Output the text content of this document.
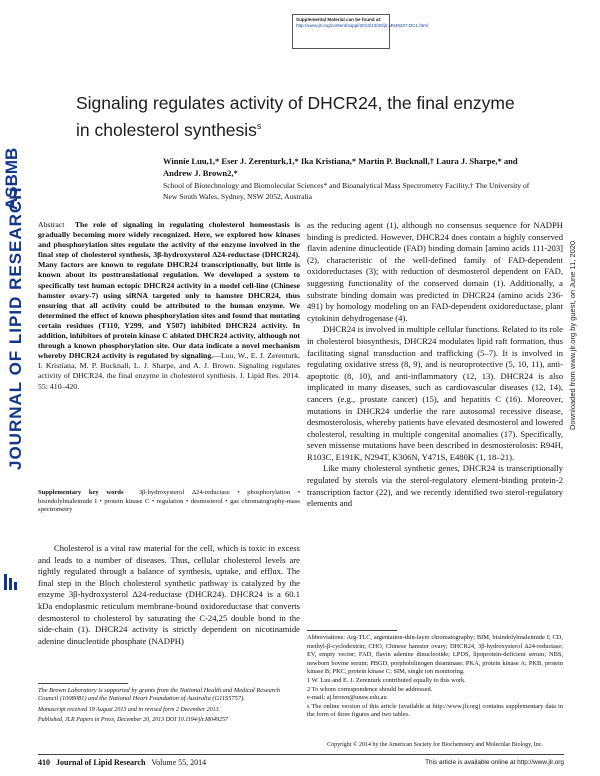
Supplemental Material can be found at:
http://www.jlr.org/content/suppl/2013/12/20/jlr.M049257.DC1.html
ASBMB
JOURNAL OF LIPID RESEARCH	Downloaded from www.jlr.org by guest, on June 11, 2020
Signaling regulates activity of DHCR24, the final enzyme in cholesterol synthesis$^s$
Winnie Luu,1,* Eser J. Zerenturk,1,* Ika Kristiana,* Martin P. Bucknall,† Laura J. Sharpe,* and Andrew J. Brown2,*
School of Biotechnology and Biomolecular Sciences* and Bioanalytical Mass Spectrometry Facility,† The University of New South Wales, Sydney, NSW 2052, Australia
Abstract The role of signaling in regulating cholesterol homeostasis is gradually becoming more widely recognized. Here, we explored how kinases and phosphorylation sites regulate the activity of the enzyme involved in the final step of cholesterol synthesis, 3β-hydroxysterol Δ24-reductase (DHCR24). Many factors are known to regulate DHCR24 transcriptionally, but little is known about its posttranslational regulation. We developed a system to specifically test human ectopic DHCR24 activity in a model cell-line (Chinese hamster ovary-7) using siRNA targeted only to hamster DHCR24, thus ensuring that all activity could be attributed to the human enzyme. We determined the effect of known phosphorylation sites and found that mutating certain residues (T110, Y299, and Y507) inhibited DHCR24 activity. In addition, inhibitors of protein kinase C ablated DHCR24 activity, although not through a known phosphorylation site. Our data indicate a novel mechanism whereby DHCR24 activity is regulated by signaling.—Luu, W., E. J. Zerenturk, I. Kristiana, M. P. Bucknall, L. J. Sharpe, and A. J. Brown. Signaling regulates activity of DHCR24, the final enzyme in cholesterol synthesis. J. Lipid Res. 2014. 55: 410–420.
Supplementary key words 3β-hydroxysterol Δ24-reductase • phosphorylation • bisindolylmaleimide I • protein kinase C • regulation • desmosterol • gas chromatography-mass spectrometry

Cholesterol is a vital raw material for the cell, which is toxic in excess and leads to a number of diseases. Thus, cellular cholesterol levels are tightly regulated through a balance of synthesis, uptake, and efflux. The final step in the Bloch cholesterol synthetic pathway is catalyzed by the enzyme 3β-hydroxysterol Δ24-reductase (DHCR24). DHCR24 is a 60.1 kDa endoplasmic reticulum membrane-bound oxidoreductase that converts desmosterol to cholesterol by saturating the C-24,25 double bond in the side-chain (1). DHCR24 activity is strictly dependent on nicotinamide adenine dinucleotide phosphate (NADPH)

The Brown Laboratory is supported by grants from the National Health and Medical Research Council (1008081) and the National Heart Foundation of Australia (G11S5757).

Manuscript received 19 August 2013 and in revised form 2 December 2013.

Published, JLR Papers in Press, December 20, 2013 DOI 10.1194/jlr.M049257

as the reducing agent (1), although no consensus sequence for NADPH binding is predicted. However, DHCR24 does contain a highly conserved flavin adenine dinucleotide (FAD) binding domain [amino acids 111-203] (2), characteristic of the well-defined family of FAD-dependent oxidoreductases (3); with reduction of desmosterol dependent on FAD, suggesting functionality of the conserved domain (1). Additionally, a substrate binding domain was predicted in DHCR24 (amino acids 236-491) by homology modeling on an FAD-dependent oxidoreductase, plant cytokinin dehydrogenase (4).

DHCR24 is involved in multiple cellular functions. Related to its role in cholesterol biosynthesis, DHCR24 modulates lipid raft formation, thus facilitating signal transduction and trafficking (5–7). It is involved in regulating oxidative stress (8, 9), and is neuroprotective (5, 10, 11), anti-apoptotic (8, 10), and anti-inflammatory (12, 13). DHCR24 is also implicated in many diseases, such as cardiovascular diseases (12, 14), cancers (e.g., prostate cancer) (15), and hepatitis C (16). Moreover, mutations in DHCR24 underlie the rare autosomal recessive disease, desmosterolosis, whereby patients have elevated desmosterol and lowered cholesterol, resulting in multiple congenital anomalies (17). Specifically, seven missense mutations have been described in desmosterolosis: R94H, R103C, E191K, N294T, K306N, Y471S, E480K (1, 18–21).

Like many cholesterol synthetic genes, DHCR24 is transcriptionally regulated by sterols via the sterol-regulatory element-binding protein-2 transcription factor (22), and we recently identified two sterol-regulatory elements and

Abbreviations: Arg-TLC, argentation-thin-layer chromatography; BIM, bisindolylmaleimide I; CD, methyl-β-cyclodextrin; CHO, Chinese hamster ovary; DHCR24, 3β-hydroxysterol Δ24-reductase; EV, empty vector; FAD, flavin adenine dinucleotide; LPDS, lipoprotein-deficient serum; NBS, newborn bovine serum; PBGD, porphobilinogen deaminase; PKA, protein kinase A; PKB, protein kinase B; PKC, protein kinase C; SIM, single ion monitoring.

1 W. Luu and E. J. Zerenturk contributed equally to this work.

2 To whom correspondence should be addressed.

e-mail: aj.brown@unsw.edu.au

s The online version of this article (available at http://www.jlr.org) contains supplementary data in the form of three figures and two tables.

Copyright © 2014 by the American Society for Biochemistry and Molecular Biology, Inc.
410 Journal of Lipid Research Volume 55, 2014	This article is available online at http://www.jlr.org
